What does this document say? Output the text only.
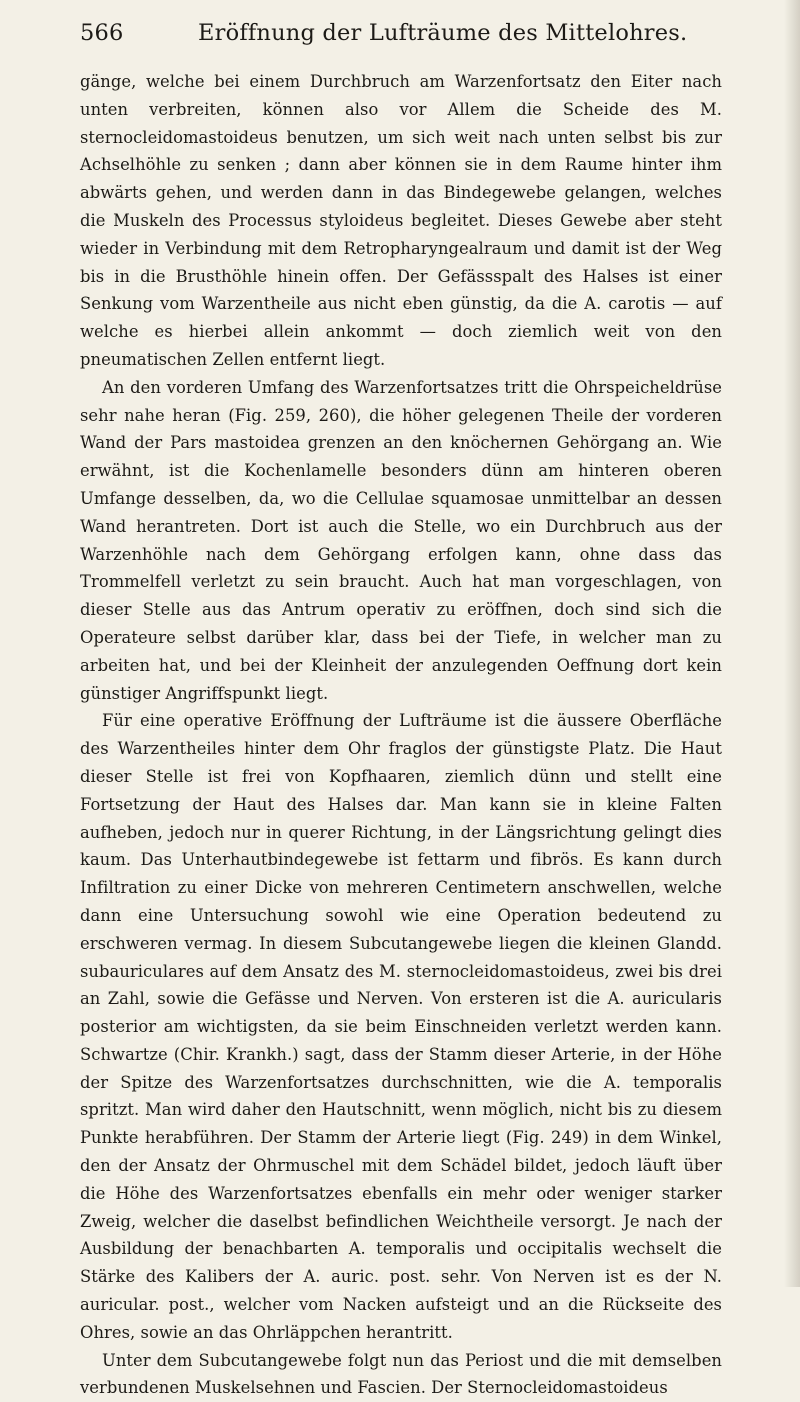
566	Eröffnung der Lufträume des Mittelohres.

gänge, welche bei einem Durchbruch am Warzenfortsatz den Eiter nach unten verbreiten, können also vor Allem die Scheide des M. sternocleidomastoideus benutzen, um sich weit nach unten selbst bis zur Achselhöhle zu senken ; dann aber können sie in dem Raume hinter ihm abwärts gehen, und werden dann in das Bindegewebe gelangen, welches die Muskeln des Processus styloideus begleitet. Dieses Gewebe aber steht wieder in Verbindung mit dem Retropharyngealraum und damit ist der Weg bis in die Brusthöhle hinein offen. Der Gefässspalt des Halses ist einer Senkung vom Warzentheile aus nicht eben günstig, da die A. carotis — auf welche es hierbei allein ankommt — doch ziemlich weit von den pneumatischen Zellen entfernt liegt.

An den vorderen Umfang des Warzenfortsatzes tritt die Ohrspeicheldrüse sehr nahe heran (Fig. 259, 260), die höher gelegenen Theile der vorderen Wand der Pars mastoidea grenzen an den knöchernen Gehörgang an. Wie erwähnt, ist die Kochenlamelle besonders dünn am hinteren oberen Umfange desselben, da, wo die Cellulae squamosae unmittelbar an dessen Wand herantreten. Dort ist auch die Stelle, wo ein Durchbruch aus der Warzenhöhle nach dem Gehörgang erfolgen kann, ohne dass das Trommelfell verletzt zu sein braucht. Auch hat man vorgeschlagen, von dieser Stelle aus das Antrum operativ zu eröffnen, doch sind sich die Operateure selbst darüber klar, dass bei der Tiefe, in welcher man zu arbeiten hat, und bei der Kleinheit der anzulegenden Oeffnung dort kein günstiger Angriffspunkt liegt.

Für eine operative Eröffnung der Lufträume ist die äussere Oberfläche des Warzentheiles hinter dem Ohr fraglos der günstigste Platz. Die Haut dieser Stelle ist frei von Kopfhaaren, ziemlich dünn und stellt eine Fortsetzung der Haut des Halses dar. Man kann sie in kleine Falten aufheben, jedoch nur in querer Richtung, in der Längsrichtung gelingt dies kaum. Das Unterhautbindegewebe ist fettarm und fibrös. Es kann durch Infiltration zu einer Dicke von mehreren Centimetern anschwellen, welche dann eine Untersuchung sowohl wie eine Operation bedeutend zu erschweren vermag. In diesem Subcutangewebe liegen die kleinen Glandd. subauriculares auf dem Ansatz des M. sternocleidomastoideus, zwei bis drei an Zahl, sowie die Gefässe und Nerven. Von ersteren ist die A. auricularis posterior am wichtigsten, da sie beim Einschneiden verletzt werden kann. Schwartze (Chir. Krankh.) sagt, dass der Stamm dieser Arterie, in der Höhe der Spitze des Warzenfortsatzes durchschnitten, wie die A. temporalis spritzt. Man wird daher den Hautschnitt, wenn möglich, nicht bis zu diesem Punkte herabführen. Der Stamm der Arterie liegt (Fig. 249) in dem Winkel, den der Ansatz der Ohrmuschel mit dem Schädel bildet, jedoch läuft über die Höhe des Warzenfortsatzes ebenfalls ein mehr oder weniger starker Zweig, welcher die daselbst befindlichen Weichtheile versorgt. Je nach der Ausbildung der benachbarten A. temporalis und occipitalis wechselt die Stärke des Kalibers der A. auric. post. sehr. Von Nerven ist es der N. auricular. post., welcher vom Nacken aufsteigt und an die Rückseite des Ohres, sowie an das Ohrläppchen herantritt.

Unter dem Subcutangewebe folgt nun das Periost und die mit demselben verbundenen Muskelsehnen und Fascien. Der Sternocleidomastoideus
